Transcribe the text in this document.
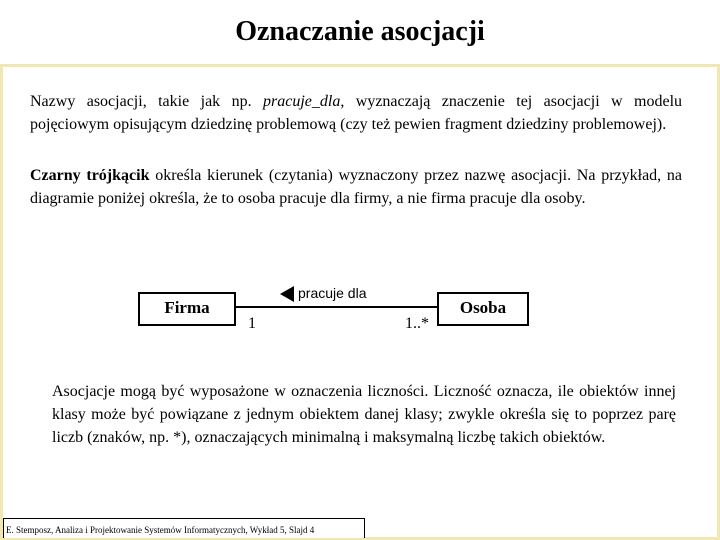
Oznaczanie asocjacji
Nazwy asocjacji, takie jak np. pracuje_dla, wyznaczają znaczenie tej asocjacji w modelu pojęciowym opisującym dziedzinę problemową (czy też pewien fragment dziedziny problemowej).
Czarny trójkącik określa kierunek (czytania) wyznaczony przez nazwę asocjacji. Na przykład, na diagramie poniżej określa, że to osoba pracuje dla firmy, a nie firma pracuje dla osoby.
Firma	Osoba
pracuje dla
1	1..*
Asocjacje mogą być wyposażone w oznaczenia liczności. Liczność oznacza, ile obiektów innej klasy może być powiązane z jednym obiektem danej klasy; zwykle określa się to poprzez parę liczb (znaków, np. *), oznaczających minimalną i maksymalną liczbę takich obiektów.
E. Stemposz, Analiza i Projektowanie Systemów Informatycznych, Wykład 5, Slajd 4
